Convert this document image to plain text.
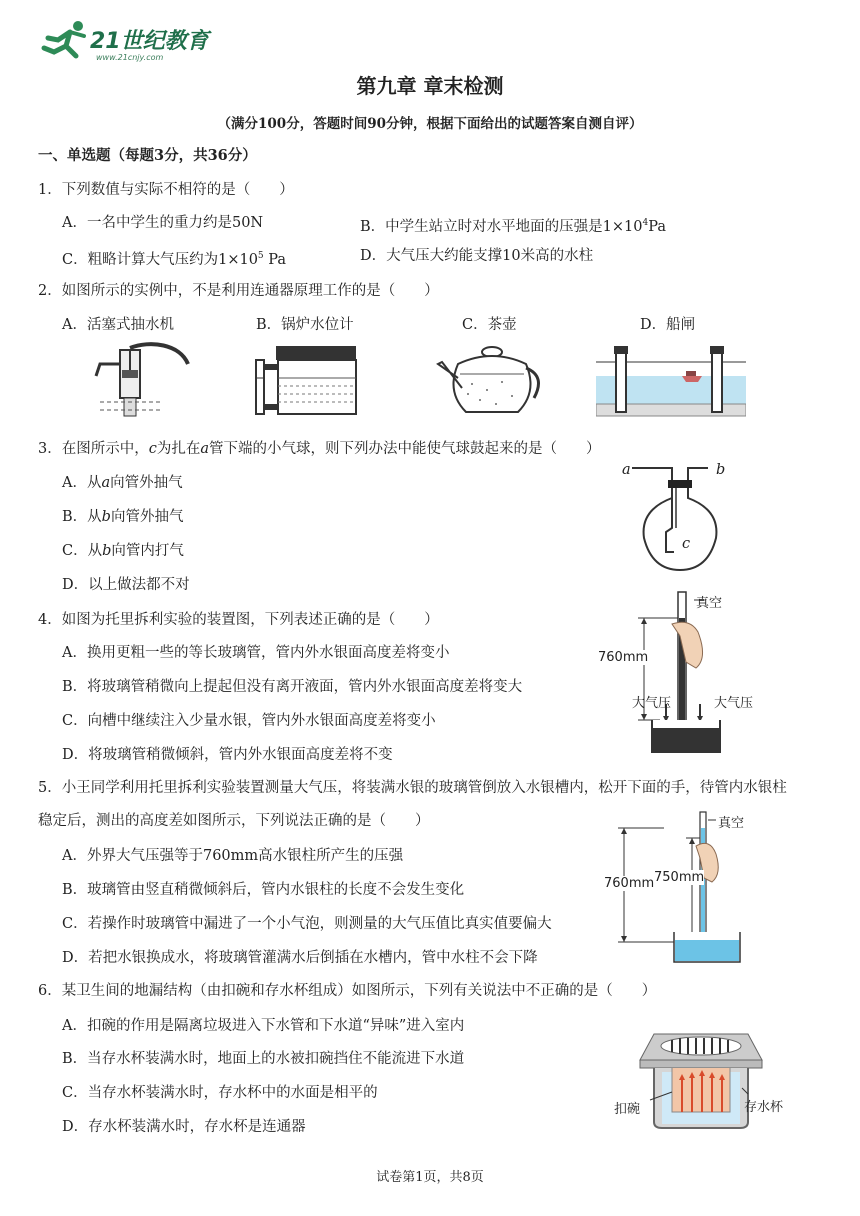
21世纪教育
www.21cnjy.com
第九章 章末检测
（满分100分，答题时间90分钟，根据下面给出的试题答案自测自评）
一、单选题（每题3分，共36分）
1．下列数值与实际不相符的是（　　）
A．一名中学生的重力约是50N	B．中学生站立时对水平地面的压强是$1\times 10^4Pa$
C．粗略计算大气压约为$1\times 10^5$ Pa	D．大气压大约能支撑10米高的水柱
2．如图所示的实例中，不是利用连通器原理工作的是（　　）
A．活塞式抽水机	B．锅炉水位计	C．茶壶	D．船闸
3．在图所示中，c为扎在a管下端的小气球，则下列办法中能使气球鼓起来的是（　　）
A．从a向管外抽气
B．从b向管外抽气
C．从b向管内打气
D．以上做法都不对
a	b
c
4．如图为托里拆利实验的装置图，下列表述正确的是（　　）
A．换用更粗一些的等长玻璃管，管内外水银面高度差将变小
B．将玻璃管稍微向上提起但没有离开液面，管内外水银面高度差将变大
C．向槽中继续注入少量水银，管内外水银面高度差将变小
D．将玻璃管稍微倾斜，管内外水银面高度差将不变
真空
760mm
大气压	大气压
5．小王同学利用托里拆利实验装置测量大气压，将装满水银的玻璃管倒放入水银槽内，松开下面的手，待管内水银柱
稳定后，测出的高度差如图所示，下列说法正确的是（　　）
A．外界大气压强等于760mm高水银柱所产生的压强
B．玻璃管由竖直稍微倾斜后，管内水银柱的长度不会发生变化
C．若操作时玻璃管中漏进了一个小气泡，则测量的大气压值比真实值要偏大
D．若把水银换成水，将玻璃管灌满水后倒插在水槽内，管中水柱不会下降
真空
760mm 750mm
6．某卫生间的地漏结构（由扣碗和存水杯组成）如图所示，下列有关说法中不正确的是（　　）
A．扣碗的作用是隔离垃圾进入下水管和下水道“异味”进入室内
B．当存水杯装满水时，地面上的水被扣碗挡住不能流进下水道
C．当存水杯装满水时，存水杯中的水面是相平的
D．存水杯装满水时，存水杯是连通器
扣碗	存水杯
试卷第1页，共8页
